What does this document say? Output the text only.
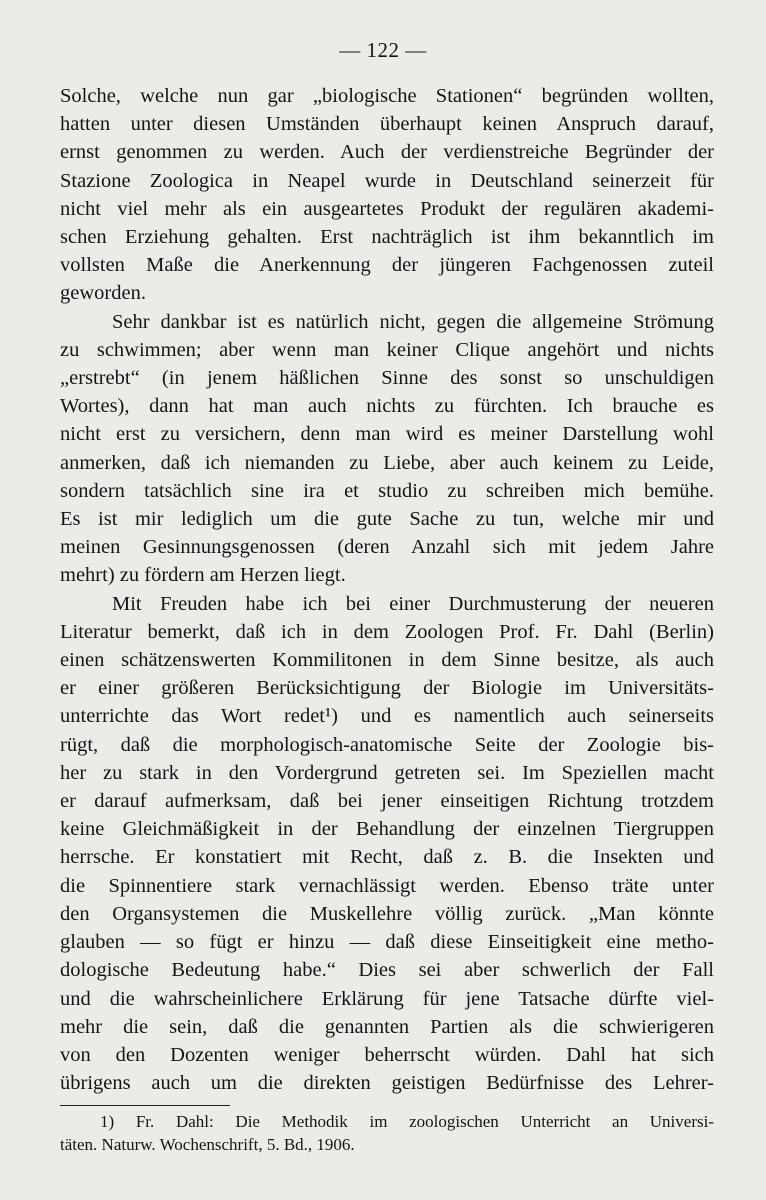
— 122 —

Solche, welche nun gar „biologische Stationen“ begründen wollten,
hatten unter diesen Umständen überhaupt keinen Anspruch darauf,
ernst genommen zu werden. Auch der verdienstreiche Begründer der
Stazione Zoologica in Neapel wurde in Deutschland seinerzeit für
nicht viel mehr als ein ausgeartetes Produkt der regulären akademi-
schen Erziehung gehalten. Erst nachträglich ist ihm bekanntlich im
vollsten Maße die Anerkennung der jüngeren Fachgenossen zuteil
geworden.

Sehr dankbar ist es natürlich nicht, gegen die allgemeine Strömung
zu schwimmen; aber wenn man keiner Clique angehört und nichts
„erstrebt“ (in jenem häßlichen Sinne des sonst so unschuldigen
Wortes), dann hat man auch nichts zu fürchten. Ich brauche es
nicht erst zu versichern, denn man wird es meiner Darstellung wohl
anmerken, daß ich niemanden zu Liebe, aber auch keinem zu Leide,
sondern tatsächlich sine ira et studio zu schreiben mich bemühe.
Es ist mir lediglich um die gute Sache zu tun, welche mir und
meinen Gesinnungsgenossen (deren Anzahl sich mit jedem Jahre
mehrt) zu fördern am Herzen liegt.

Mit Freuden habe ich bei einer Durchmusterung der neueren
Literatur bemerkt, daß ich in dem Zoologen Prof. Fr. Dahl (Berlin)
einen schätzenswerten Kommilitonen in dem Sinne besitze, als auch
er einer größeren Berücksichtigung der Biologie im Universitäts-
unterrichte das Wort redet¹) und es namentlich auch seinerseits
rügt, daß die morphologisch-anatomische Seite der Zoologie bis-
her zu stark in den Vordergrund getreten sei. Im Speziellen macht
er darauf aufmerksam, daß bei jener einseitigen Richtung trotzdem
keine Gleichmäßigkeit in der Behandlung der einzelnen Tiergruppen
herrsche. Er konstatiert mit Recht, daß z. B. die Insekten und
die Spinnentiere stark vernachlässigt werden. Ebenso träte unter
den Organsystemen die Muskellehre völlig zurück. „Man könnte
glauben — so fügt er hinzu — daß diese Einseitigkeit eine metho-
dologische Bedeutung habe.“ Dies sei aber schwerlich der Fall
und die wahrscheinlichere Erklärung für jene Tatsache dürfte viel-
mehr die sein, daß die genannten Partien als die schwierigeren
von den Dozenten weniger beherrscht würden. Dahl hat sich
übrigens auch um die direkten geistigen Bedürfnisse des Lehrer-

1) Fr. Dahl: Die Methodik im zoologischen Unterricht an Universi-
täten. Naturw. Wochenschrift, 5. Bd., 1906.
